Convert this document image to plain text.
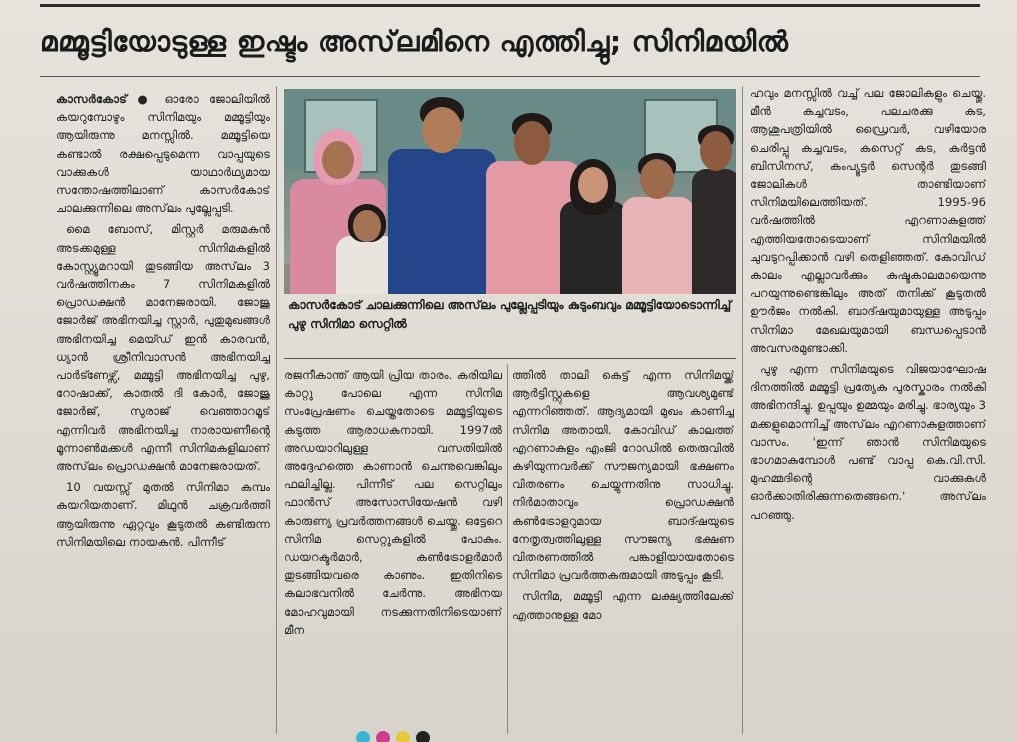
മമ്മൂട്ടിയോടുള്ള ഇഷ്ടം അസ്‌ലമിനെ എത്തിച്ചു; സിനിമയിൽ

കാസർകോട് ● ഓരോ ജോലിയിൽ കയറുമ്പോഴും സിനിമയും മമ്മൂട്ടിയും ആയിരുന്നു മനസ്സിൽ. മമ്മൂട്ടിയെ കണ്ടാൽ രക്ഷപ്പെടുമെന്ന വാപ്പയുടെ വാക്കുകൾ യാഥാർഥ്യമായ സന്തോഷത്തിലാണ് കാസർകോട് ചാലക്കുന്നിലെ അസ്‌ലം പുല്ലേപ്പടി.

മൈ ബോസ്, മിസ്റ്റർ മരുമകൻ അടക്കമുള്ള സിനിമകളിൽ കോസ്റ്റ്യൂമറായി തുടങ്ങിയ അസ്‌ലം 3 വർഷത്തിനകം 7 സിനിമകളിൽ പ്രൊഡക്ഷൻ മാനേജരായി. ജോജു ജോർജ് അഭിനയിച്ച സ്റ്റാർ, പുതുമുഖങ്ങൾ അഭിനയിച്ച മെയ്ഡ് ഇൻ കാരവൻ, ധ്യാൻ ശ്രീനിവാസൻ അഭിനയിച്ച പാർട്ണേഴ്സ്, മമ്മൂട്ടി അഭിനയിച്ച പുഴു, റോഷാക്ക്, കാതൽ ദി കോർ, ജോജു ജോർജ്, സുരാജ് വെഞ്ഞാറമൂട് എന്നിവർ അഭിനയിച്ച നാരായണീന്റെ മൂന്നാൺമക്കൾ എന്നീ സിനിമകളിലാണ് അസ്‌ലം പ്രൊഡക്ഷൻ മാനേജരായത്.

10 വയസ്സ് മുതൽ സിനിമാ കമ്പം കയറിയതാണ്. മിഥുൻ ചക്രവർത്തി ആയിരുന്നു ഏറ്റവും കൂടുതൽ കണ്ടിരുന്ന സിനിമയിലെ നായകൻ. പിന്നീട്

കാസർകോട് ചാലക്കുന്നിലെ അസ്‌ലം പുല്ലേപ്പടിയും കുടുംബവും മമ്മൂട്ടിയോടൊന്നിച്ച് പുഴു സിനിമാ സെറ്റിൽ

രജനീകാന്ത് ആയി പ്രിയ താരം. കരിയില കാറ്റു പോലെ എന്ന സിനിമ സംപ്രേഷണം ചെയ്തതോടെ മമ്മൂട്ടിയുടെ കടുത്ത ആരാധകനായി. 1997ൽ അഡയാറിലുള്ള വസതിയിൽ അദ്ദേഹത്തെ കാണാൻ ചെന്നുവെങ്കിലും ഫലിച്ചില്ല. പിന്നീട് പല സെറ്റിലും ഫാൻസ് അസോസിയേഷൻ വഴി കാരുണ്യ പ്രവർത്തനങ്ങൾ ചെയ്തു. ഒട്ടേറെ സിനിമ സെറ്റുകളിൽ പോകും. ഡയറക്ടർമാർ, കൺട്രോളർമാർ തുടങ്ങിയവരെ കാണും. ഇതിനിടെ കലാഭവനിൽ ചേർന്നു. അഭിനയ മോഹവുമായി നടക്കുന്നതിനിടെയാണ് മീന

ത്തിൽ താലി കെട്ട് എന്ന സിനിമയ്ക്ക് ആർട്ടിസ്റ്റുകളെ ആവശ്യമുണ്ട് എന്നറിഞ്ഞത്. ആദ്യമായി മുഖം കാണിച്ച സിനിമ അതായി. കോവിഡ് കാലത്ത് എറണാകുളം എംജി റോഡിൽ തെരുവിൽ കഴിയുന്നവർക്ക് സൗജന്യമായി ഭക്ഷണം വിതരണം ചെയ്യുന്നതിനു സാധിച്ചു. നിർമാതാവും പ്രൊഡക്ഷൻ കൺട്രോളറുമായ ബാദ്ഷയുടെ നേതൃത്വത്തിലുള്ള സൗജന്യ ഭക്ഷണ വിതരണത്തിൽ പങ്കാളിയായതോടെ സിനിമാ പ്രവർത്തകരുമായി അടുപ്പം കൂടി.

സിനിമ, മമ്മൂട്ടി എന്ന ലക്ഷ്യത്തിലേക്ക് എത്താനുള്ള മോ

ഹവും മനസ്സിൽ വച്ച് പല ജോലികളും ചെയ്തു. മീൻ കച്ചവടം, പലചരക്കു കട, ആശുപത്രിയിൽ ഡ്രൈവർ, വഴിയോര ചെരിപ്പു കച്ചവടം, കസെറ്റ് കട, കർട്ടൻ ബിസിനസ്, കംപ്യൂട്ടർ സെന്റർ തുടങ്ങി ജോലികൾ താണ്ടിയാണ് സിനിമയിലെത്തിയത്. 1995-96 വർഷത്തിൽ എറണാകുളത്ത് എത്തിയതോടെയാണ് സിനിമയിൽ ചുവടുറപ്പിക്കാൻ വഴി തെളിഞ്ഞത്. കോവിഡ് കാലം എല്ലാവർക്കും കഷ്ടകാലമായെന്നു പറയുന്നുണ്ടെങ്കിലും അത് തനിക്ക് കൂടുതൽ ഊർജം നൽകി. ബാദ്ഷയുമായുള്ള അടുപ്പം സിനിമാ മേഖലയുമായി ബന്ധപ്പെടാൻ അവസരമുണ്ടാക്കി.

പുഴു എന്ന സിനിമയുടെ വിജയാഘോഷ ദിനത്തിൽ മമ്മൂട്ടി പ്രത്യേക പുരസ്കാരം നൽകി അഭിനന്ദിച്ചു. ഉപ്പയും ഉമ്മയും മരിച്ചു. ഭാര്യയും 3 മക്കളുമൊന്നിച്ച് അസ്‌ലം എറണാകുളത്താണ് വാസം. 'ഇന്ന് ഞാൻ സിനിമയുടെ ഭാഗമാകുമ്പോൾ പണ്ട് വാപ്പ കെ.വി.സി. മുഹമ്മദിന്റെ വാക്കുകൾ ഓർക്കാതിരിക്കുന്നതെങ്ങനെ.' അസ്‌ലം പറഞ്ഞു.
